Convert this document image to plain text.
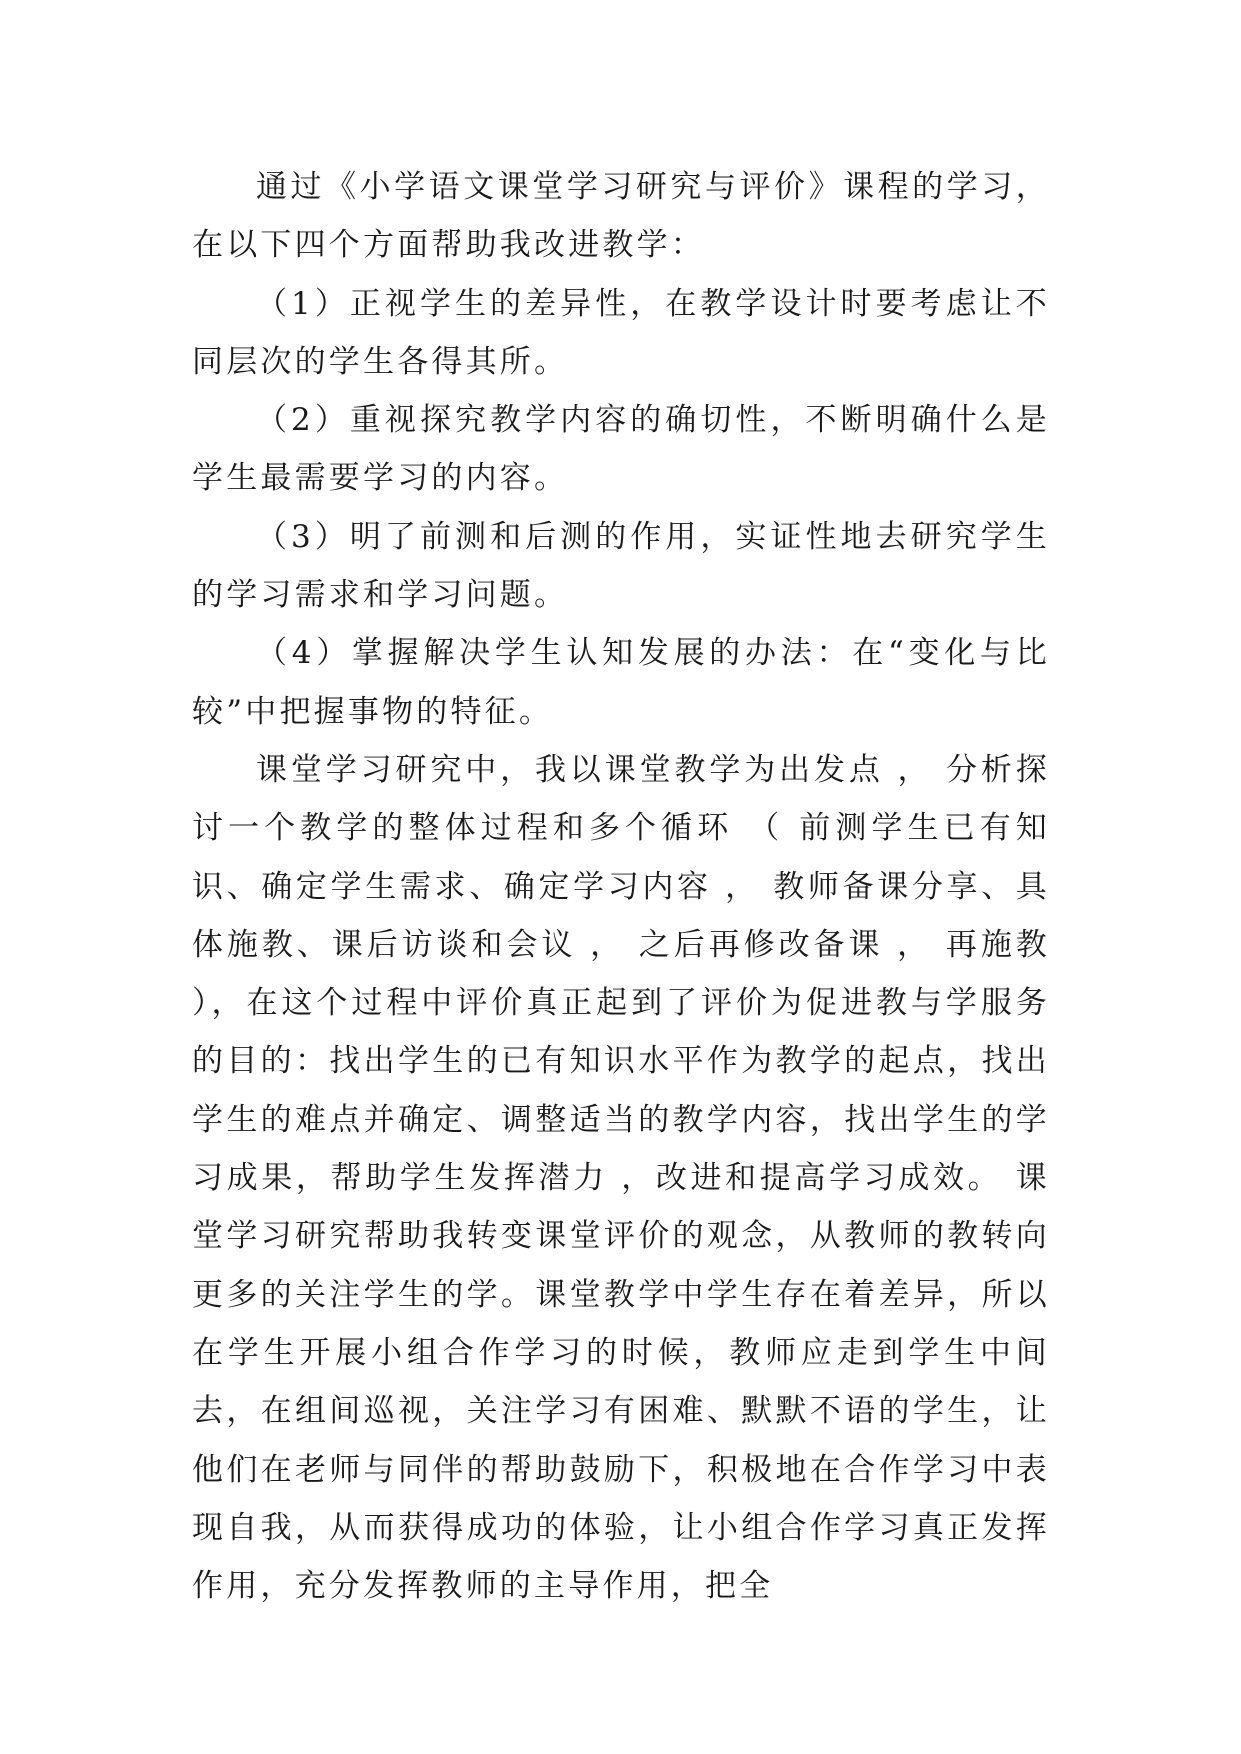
通过《小学语文课堂学习研究与评价》课程的学习，在以下四个方面帮助我改进教学：

（1）正视学生的差异性，在教学设计时要考虑让不同层次的学生各得其所。

（2）重视探究教学内容的确切性，不断明确什么是学生最需要学习的内容。

（3）明了前测和后测的作用，实证性地去研究学生的学习需求和学习问题。

（4）掌握解决学生认知发展的办法：在“变化与比较”中把握事物的特征。

课堂学习研究中，我以课堂教学为出发点 ， 分析探讨一个教学的整体过程和多个循环 （ 前测学生已有知识、确定学生需求、确定学习内容 ， 教师备课分享、具体施教、课后访谈和会议 ， 之后再修改备课 ， 再施教 ），在这个过程中评价真正起到了评价为促进教与学服务的目的：找出学生的已有知识水平作为教学的起点，找出学生的难点并确定、调整适当的教学内容，找出学生的学习成果，帮助学生发挥潜力 ，改进和提高学习成效。 课堂学习研究帮助我转变课堂评价的观念，从教师的教转向更多的关注学生的学。课堂教学中学生存在着差异，所以在学生开展小组合作学习的时候，教师应走到学生中间去，在组间巡视，关注学习有困难、默默不语的学生，让他们在老师与同伴的帮助鼓励下，积极地在合作学习中表现自我，从而获得成功的体验，让小组合作学习真正发挥作用，充分发挥教师的主导作用，把全
